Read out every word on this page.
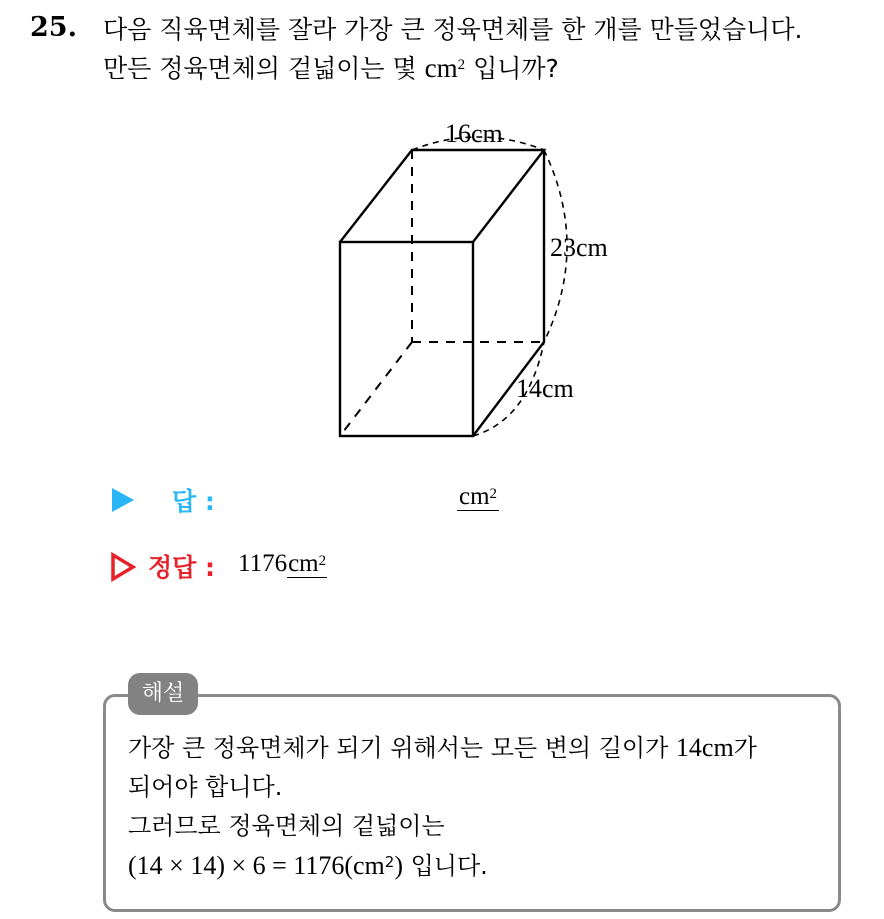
25. 다음 직육면체를 잘라 가장 큰 정육면체를 한 개를 만들었습니다.
만든 정육면체의 겉넓이는 몇 $cm^2$ 입니까?
16cm
23cm
14cm
답 :	$cm^2$
정답 : $1176cm^2$
해설
가장 큰 정육면체가 되기 위해서는 모든 변의 길이가 14cm가
되어야 합니다.
그러므로 정육면체의 겉넓이는
$(14 \times 14) \times 6 = 1176(cm^2)$ 입니다.
